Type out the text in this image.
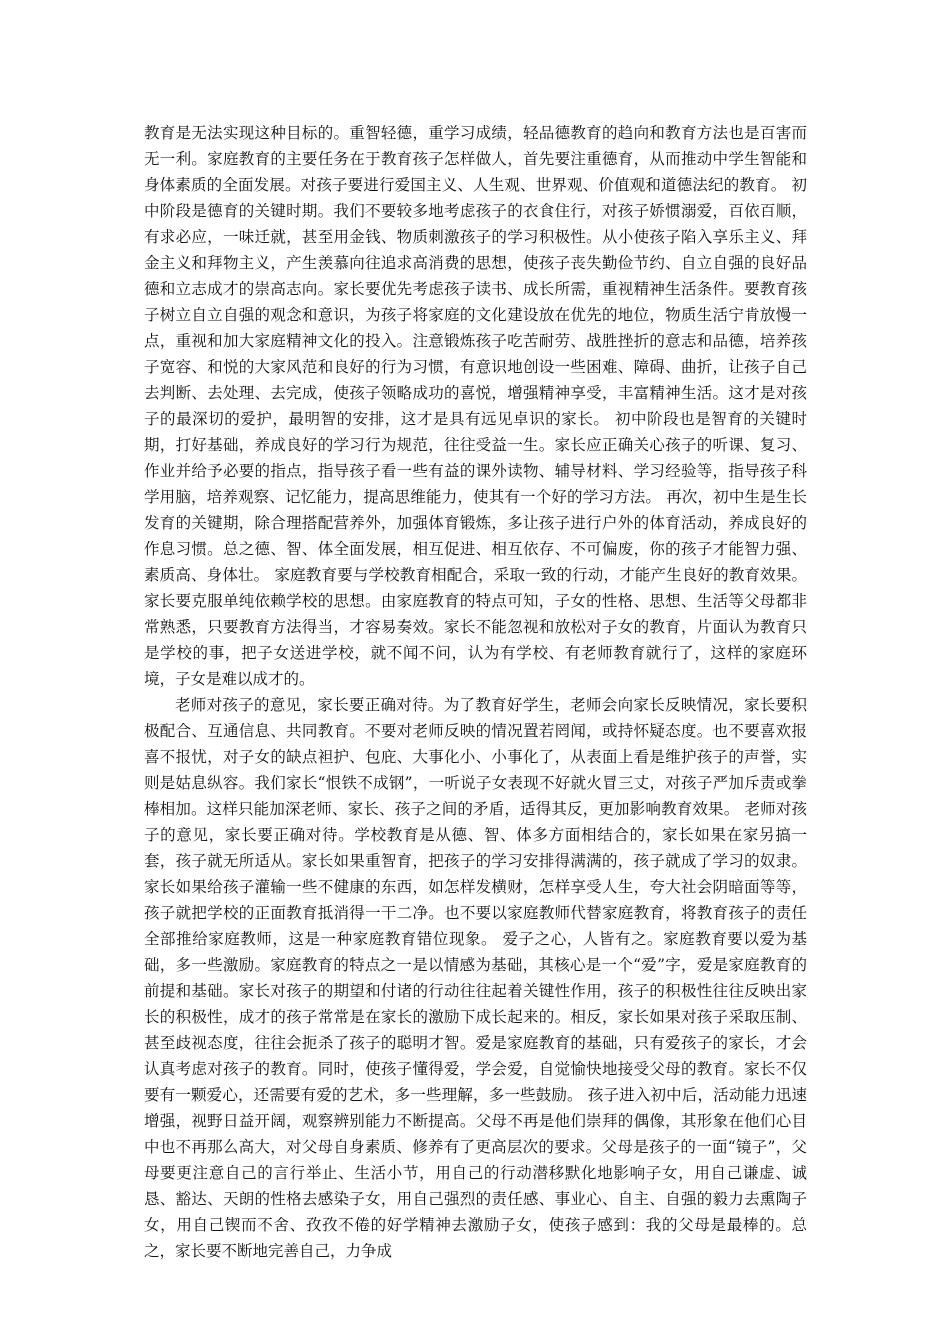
教育是无法实现这种目标的。重智轻德，重学习成绩，轻品德教育的趋向和教育方法也是百害而无一利。家庭教育的主要任务在于教育孩子怎样做人，首先要注重德育，从而推动中学生智能和身体素质的全面发展。对孩子要进行爱国主义、人生观、世界观、价值观和道德法纪的教育。 初中阶段是德育的关键时期。我们不要较多地考虑孩子的衣食住行，对孩子娇惯溺爱，百依百顺，有求必应，一味迁就，甚至用金钱、物质刺激孩子的学习积极性。从小使孩子陷入享乐主义、拜金主义和拜物主义，产生羡慕向往追求高消费的思想，使孩子丧失勤俭节约、自立自强的良好品德和立志成才的崇高志向。家长要优先考虑孩子读书、成长所需，重视精神生活条件。要教育孩子树立自立自强的观念和意识，为孩子将家庭的文化建设放在优先的地位，物质生活宁肯放慢一点，重视和加大家庭精神文化的投入。注意锻炼孩子吃苦耐劳、战胜挫折的意志和品德，培养孩子宽容、和悦的大家风范和良好的行为习惯，有意识地创设一些困难、障碍、曲折，让孩子自己去判断、去处理、去完成，使孩子领略成功的喜悦，增强精神享受，丰富精神生活。这才是对孩子的最深切的爱护，最明智的安排，这才是具有远见卓识的家长。 初中阶段也是智育的关键时期，打好基础，养成良好的学习行为规范，往往受益一生。家长应正确关心孩子的听课、复习、作业并给予必要的指点，指导孩子看一些有益的课外读物、辅导材料、学习经验等，指导孩子科学用脑，培养观察、记忆能力，提高思维能力，使其有一个好的学习方法。 再次，初中生是生长发育的关键期，除合理搭配营养外，加强体育锻炼，多让孩子进行户外的体育活动，养成良好的作息习惯。总之德、智、体全面发展，相互促进、相互依存、不可偏废，你的孩子才能智力强、素质高、身体壮。 家庭教育要与学校教育相配合，采取一致的行动，才能产生良好的教育效果。家长要克服单纯依赖学校的思想。由家庭教育的特点可知，子女的性格、思想、生活等父母都非常熟悉，只要教育方法得当，才容易奏效。家长不能忽视和放松对子女的教育，片面认为教育只是学校的事，把子女送进学校，就不闻不问，认为有学校、有老师教育就行了，这样的家庭环境，子女是难以成才的。

老师对孩子的意见，家长要正确对待。为了教育好学生，老师会向家长反映情况，家长要积极配合、互通信息、共同教育。不要对老师反映的情况置若罔闻，或持怀疑态度。也不要喜欢报喜不报忧，对子女的缺点袒护、包庇、大事化小、小事化了，从表面上看是维护孩子的声誉，实则是姑息纵容。我们家长“恨铁不成钢”，一听说子女表现不好就火冒三丈，对孩子严加斥责或拳棒相加。这样只能加深老师、家长、孩子之间的矛盾，适得其反，更加影响教育效果。 老师对孩子的意见，家长要正确对待。学校教育是从德、智、体多方面相结合的，家长如果在家另搞一套，孩子就无所适从。家长如果重智育，把孩子的学习安排得满满的，孩子就成了学习的奴隶。家长如果给孩子灌输一些不健康的东西，如怎样发横财，怎样享受人生，夸大社会阴暗面等等，孩子就把学校的正面教育抵消得一干二净。也不要以家庭教师代替家庭教育，将教育孩子的责任全部推给家庭教师，这是一种家庭教育错位现象。 爱子之心，人皆有之。家庭教育要以爱为基础，多一些激励。家庭教育的特点之一是以情感为基础，其核心是一个“爱”字，爱是家庭教育的前提和基础。家长对孩子的期望和付诸的行动往往起着关键性作用，孩子的积极性往往反映出家长的积极性，成才的孩子常常是在家长的激励下成长起来的。相反，家长如果对孩子采取压制、甚至歧视态度，往往会扼杀了孩子的聪明才智。爱是家庭教育的基础，只有爱孩子的家长，才会认真考虑对孩子的教育。同时，使孩子懂得爱，学会爱，自觉愉快地接受父母的教育。家长不仅要有一颗爱心，还需要有爱的艺术，多一些理解，多一些鼓励。 孩子进入初中后，活动能力迅速增强，视野日益开阔，观察辨别能力不断提高。父母不再是他们崇拜的偶像，其形象在他们心目中也不再那么高大，对父母自身素质、修养有了更高层次的要求。父母是孩子的一面“镜子”，父母要更注意自己的言行举止、生活小节，用自己的行动潜移默化地影响子女，用自己谦虚、诚恳、豁达、天朗的性格去感染子女，用自己强烈的责任感、事业心、自主、自强的毅力去熏陶子女，用自己锲而不舍、孜孜不倦的好学精神去激励子女，使孩子感到：我的父母是最棒的。总之，家长要不断地完善自己，力争成
